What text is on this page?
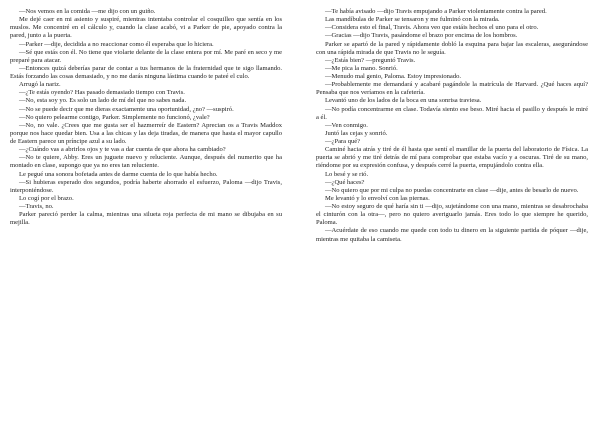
—Nos vemos en la comida —me dijo con un guiño.

Me dejé caer en mi asiento y suspiré, mientras intentaba controlar el cosquilleo que sentía en los muslos. Me concentré en el cálculo y, cuando la clase acabó, vi a Parker de pie, apoyado contra la pared, junto a la puerta.

—Parker —dije, decidida a no reaccionar como él esperaba que lo hiciera.

—Sé que estás con él. No tiene que violarte delante de la clase entera por mí. Me paré en seco y me preparé para atacar.

—Entonces quizá deberías parar de contar a tus hermanos de la fraternidad que te sigo llamando. Estás forzando las cosas demasiado, y no me darás ninguna lástima cuando te pateé el culo.

Arrugó la nariz.

—¿Te estás oyendo? Has pasado demasiado tiempo con Travis.

—No, esta soy yo. Es solo un lado de mí del que no sabes nada.

—No se puede decir que me dieras exactamente una oportunidad, ¿no? —suspiró.

—No quiero pelearme contigo, Parker. Simplemente no funcionó, ¿vale?

—No, no vale. ¿Crees que me gusta ser el hazmerreír de Eastern? Aprecian os a Travis Maddox porque nos hace quedar bien. Usa a las chicas y las deja tiradas, de manera que hasta el mayor capullo de Eastern parece un príncipe azul a su lado.

—¿Cuándo vas a abrirlos ojos y te vas a dar cuenta de que ahora ha cambiado?

—No te quiere, Abby. Eres un juguete nuevo y reluciente. Aunque, después del numerito que ha montado en clase, supongo que ya no eres tan reluciente.

Le pegué una sonora bofetada antes de darme cuenta de lo que había hecho.

—Si hubieras esperado dos segundos, podría haberte ahorrado el esfuerzo, Paloma —dijo Travis, interponiéndose.

Lo cogí por el brazo.

—Travis, no.

Parker pareció perder la calma, mientras una silueta roja perfecta de mi mano se dibujaba en su mejilla.

—Te había avisado —dijo Travis empujando a Parker violentamente contra la pared.

Las mandíbulas de Parker se tensaron y me fulminó con la mirada.

—Considera esto el final, Travis. Ahora veo que estáis hechos el uno para el otro.

—Gracias —dijo Travis, pasándome el brazo por encima de los hombros.

Parker se apartó de la pared y rápidamente dobló la esquina para bajar las escaleras, asegurándose con una rápida mirada de que Travis no le seguía.

—¿Estás bien? —preguntó Travis.

—Me pica la mano. Sonrió.

—Menudo mal genio, Paloma. Estoy impresionado.

—Probablemente me demandará y acabaré pagándole la matrícula de Harvard. ¿Qué haces aquí? Pensaba que nos veríamos en la cafetería.

Levantó uno de los lados de la boca en una sonrisa traviesa.

—No podía concentrarme en clase. Todavía siento ese beso. Miré hacia el pasillo y después le miré a él.

—Ven conmigo.

Juntó las cejas y sonrió.

—¿Para qué?

Caminé hacia atrás y tiré de él hasta que sentí el manillar de la puerta del laboratorio de Física. La puerta se abrió y me tiré detrás de mí para comprobar que estaba vacío y a oscuras. Tiré de su mano, riéndome por su expresión confusa, y después cerré la puerta, empujándolo contra ella.

Lo besé y se rió.

—¿Qué haces?

—No quiero que por mi culpa no puedas concentrarte en clase —dije, antes de besarlo de nuevo.

Me levantó y lo envolví con las piernas.

—No estoy seguro de qué haría sin ti —dijo, sujetándome con una mano, mientras se desabrochaba el cinturón con la otra—, pero no quiero averiguarlo jamás. Eres todo lo que siempre he querido, Paloma.

—Acuérdate de eso cuando me quede con todo tu dinero en la siguiente partida de póquer —dije, mientras me quitaba la camiseta.
